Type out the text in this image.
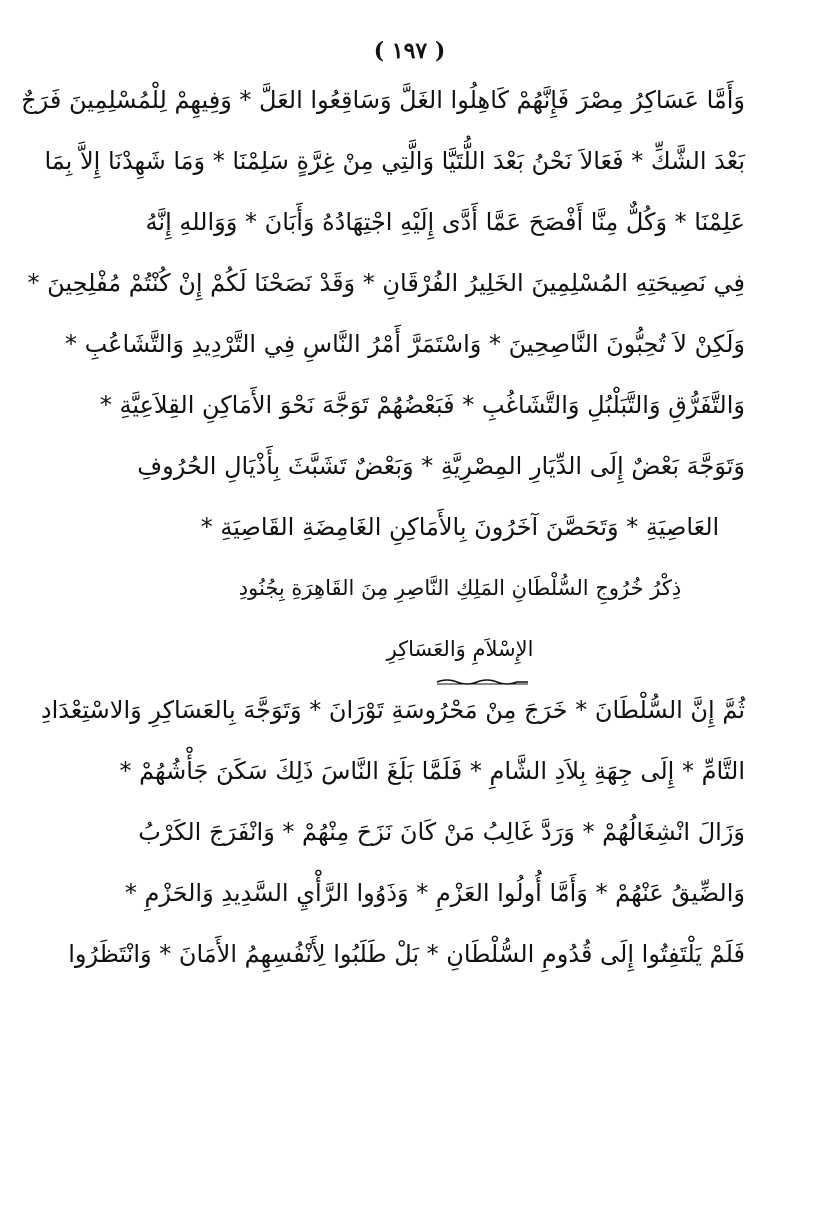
( ١٩٧ )
وَأَمَّا عَسَاكِرُ مِصْرَ فَإِنَّهُمْ كَاهِلُوا الغَلَّ وَسَاقِعُوا العَلَّ * وَفِيهِمْ لِلْمُسْلِمِينَ فَرَجٌ
بَعْدَ الشَّكِّ * فَعَالاَ نَحْنُ بَعْدَ اللُّتَيَّا وَالَّتِي مِنْ غِرَّةٍ سَلِمْنَا * وَمَا شَهِدْنَا إِلاَّ بِمَا
عَلِمْنَا * وَكُلٌّ مِنَّا أَفْصَحَ عَمَّا أَدَّى إِلَيْهِ اجْتِهَادُهُ وَأَبَانَ * وَوَاللهِ إِنَّهُ
فِي نَصِيحَتِهِ المُسْلِمِينَ الخَلِيرُ الفُرْقَانِ * وَقَدْ نَصَحْنَا لَكُمْ إِنْ كُنْتُمْ مُفْلِحِينَ *
وَلَكِنْ لاَ تُحِبُّونَ النَّاصِحِينَ * وَاسْتَمَرَّ أَمْرُ النَّاسِ فِي التَّرْدِيدِ وَالتَّشَاعُبِ *
وَالتَّفَرُّقِ وَالتَّبَلْبُلِ وَالتَّشَاغُبِ * فَبَعْضُهُمْ تَوَجَّهَ نَحْوَ الأَمَاكِنِ القِلاَعِيَّةِ *
وَتَوَجَّهَ بَعْضٌ إِلَى الدِّيَارِ المِصْرِيَّةِ * وَبَعْضٌ تَشَبَّثَ بِأَذْيَالِ الحُرُوفِ
العَاصِيَةِ * وَتَحَصَّنَ آخَرُونَ بِالأَمَاكِنِ الغَامِضَةِ القَاصِيَةِ *
ذِكْرُ خُرُوجِ السُّلْطَانِ المَلِكِ النَّاصِرِ مِنَ القَاهِرَةِ بِجُنُودِ
الإِسْلاَمِ وَالعَسَاكِرِ
ثُمَّ إِنَّ السُّلْطَانَ * خَرَجَ مِنْ مَحْرُوسَةِ تَوْرَانَ * وَتَوَجَّهَ بِالعَسَاكِرِ وَالاسْتِعْدَادِ
التَّامِّ * إِلَى جِهَةِ بِلاَدِ الشَّامِ * فَلَمَّا بَلَغَ النَّاسَ ذَلِكَ سَكَنَ جَأْشُهُمْ *
وَزَالَ انْشِغَالُهُمْ * وَرَدَّ غَالِبُ مَنْ كَانَ نَزَحَ مِنْهُمْ * وَانْفَرَجَ الكَرْبُ
وَالضِّيقُ عَنْهُمْ * وَأَمَّا أُولُوا العَزْمِ * وَذَوُوا الرَّأْيِ السَّدِيدِ وَالحَزْمِ *
فَلَمْ يَلْتَفِتُوا إِلَى قُدُومِ السُّلْطَانِ * بَلْ طَلَبُوا لِأَنْفُسِهِمُ الأَمَانَ * وَانْتَظَرُوا
